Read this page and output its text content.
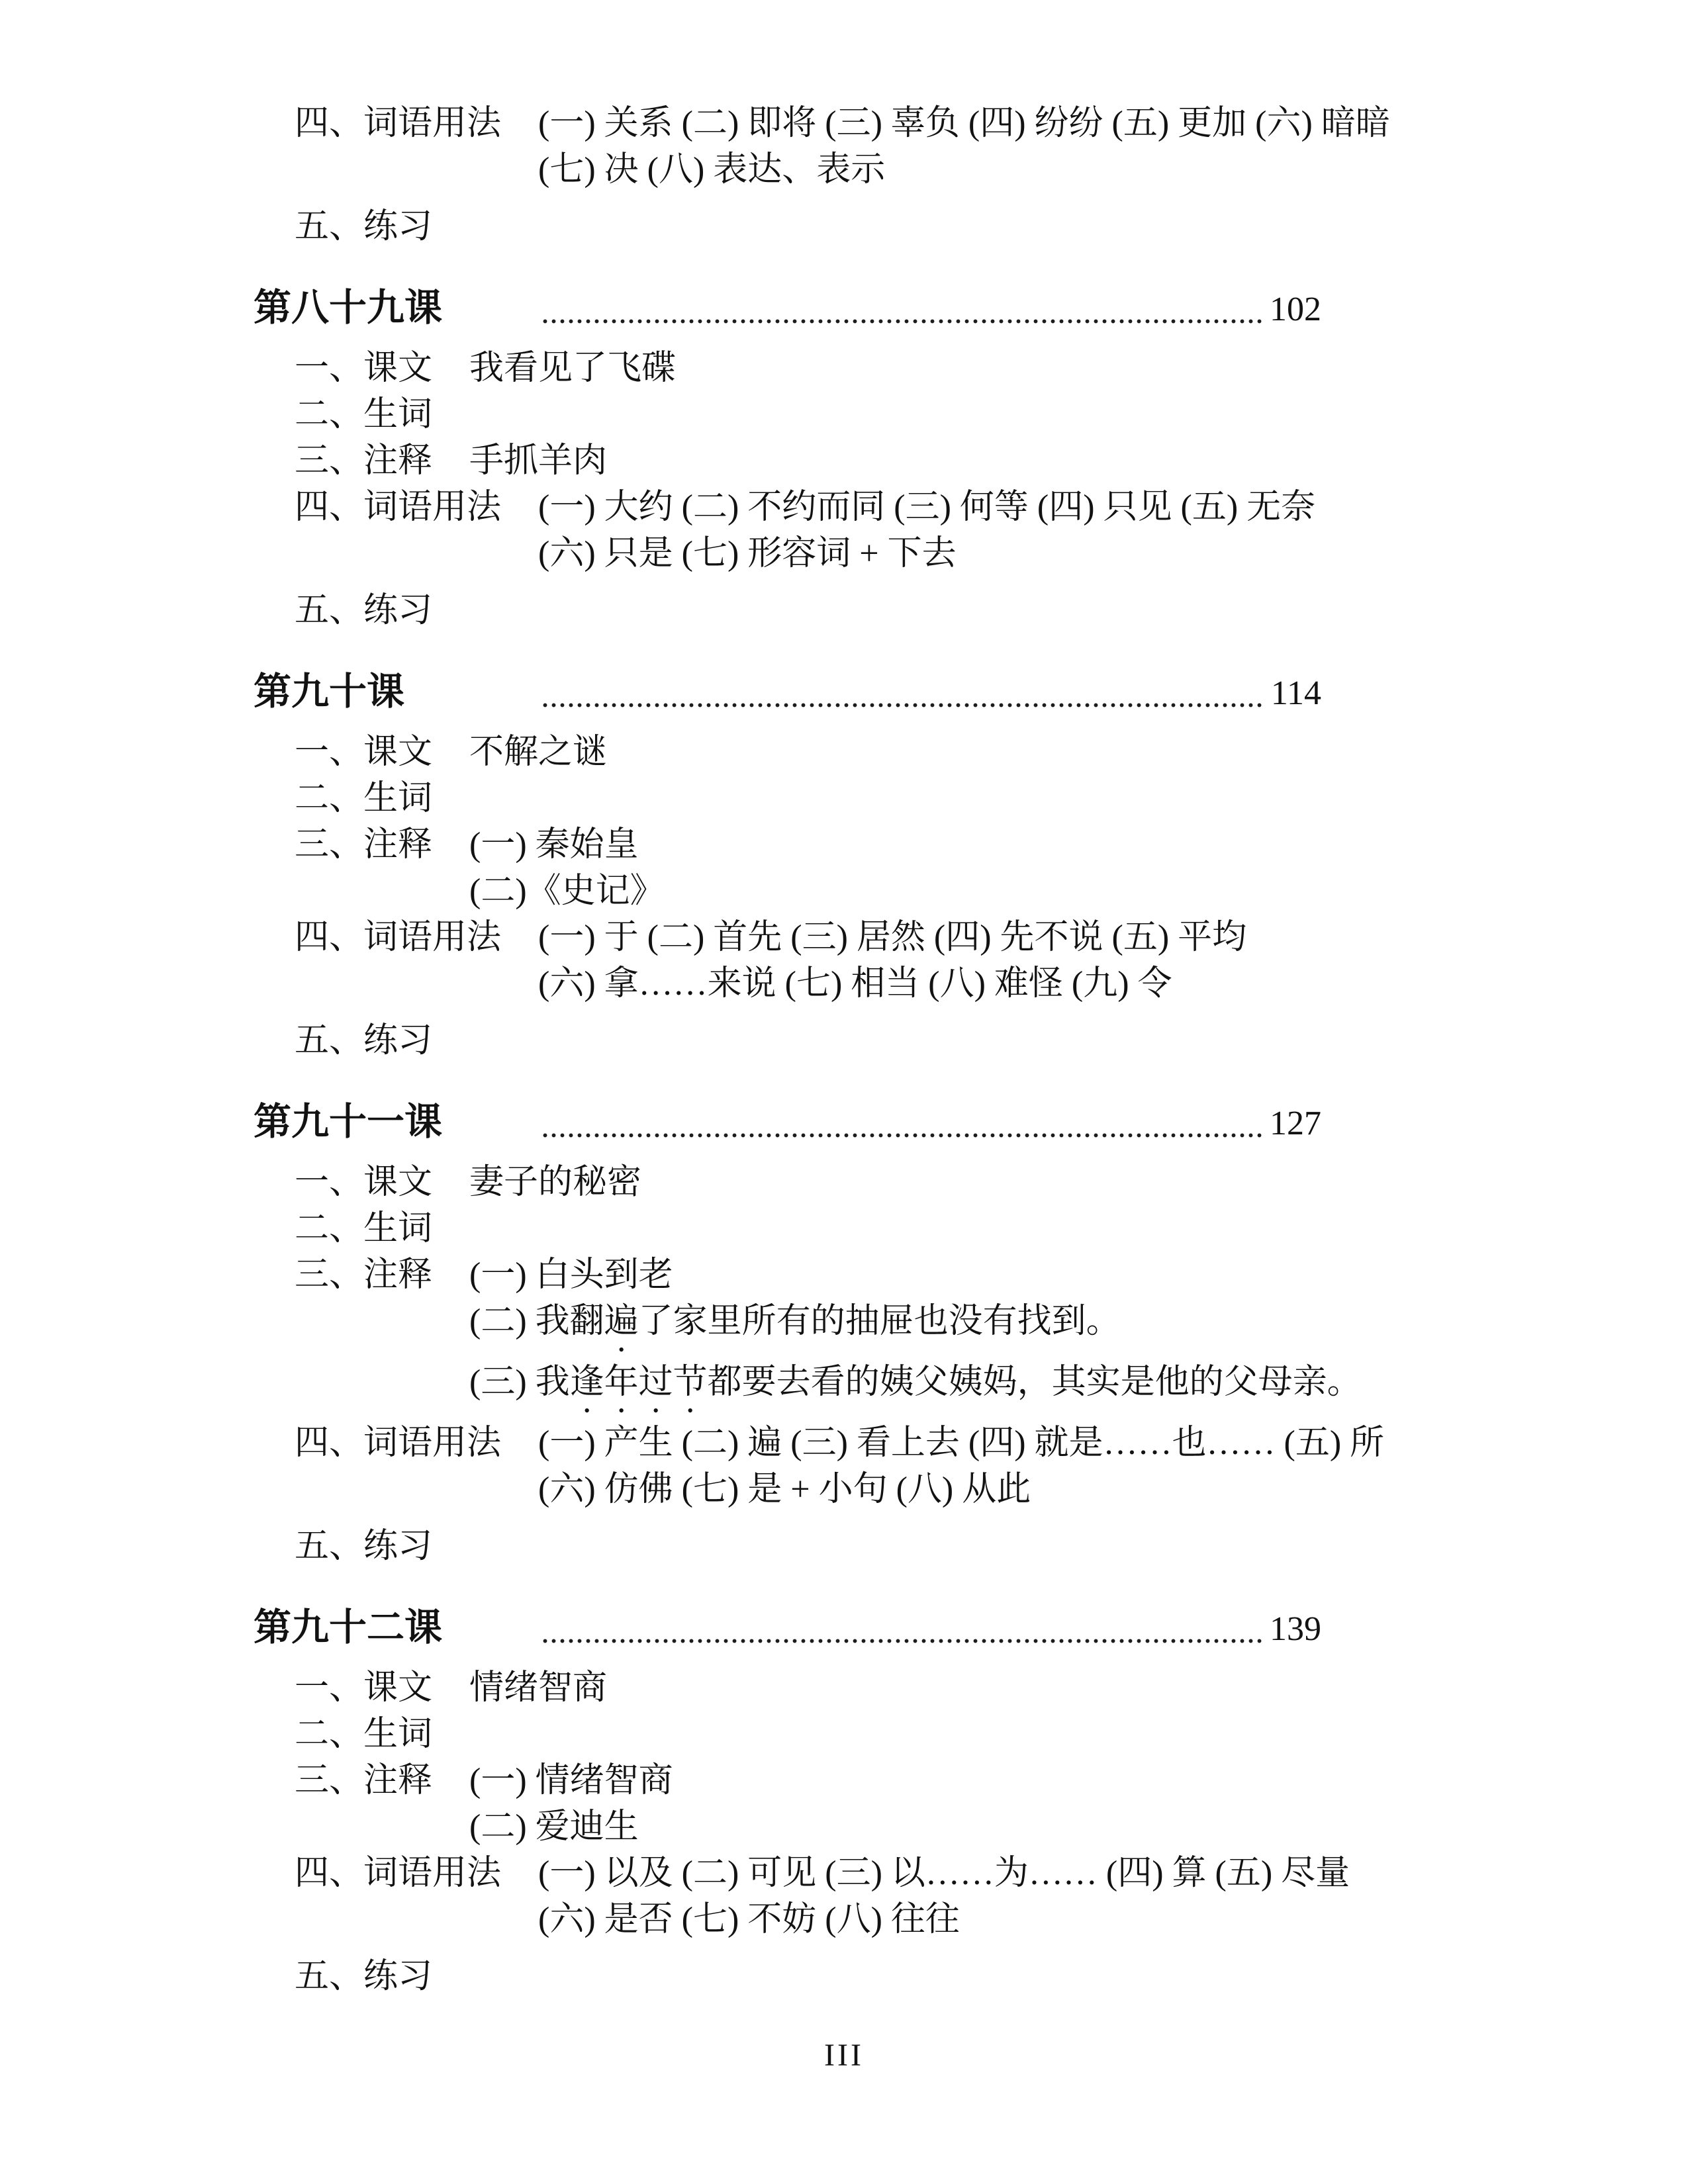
四、词语用法 (一) 关系 (二) 即将 (三) 辜负 (四) 纷纷 (五) 更加 (六) 暗暗
(七) 决 (八) 表达、表示
五、练习
第八十九课	102
一、课文 我看见了飞碟
二、生词
三、注释 手抓羊肉
四、词语用法 (一) 大约 (二) 不约而同 (三) 何等 (四) 只见 (五) 无奈
(六) 只是 (七) 形容词 + 下去
五、练习
第九十课	114
一、课文 不解之谜
二、生词
三、注释 (一) 秦始皇
(二)《史记》
四、词语用法 (一) 于 (二) 首先 (三) 居然 (四) 先不说 (五) 平均
(六) 拿……来说 (七) 相当 (八) 难怪 (九) 令
五、练习
第九十一课	127
一、课文 妻子的秘密
二、生词
三、注释 (一) 白头到老
(二) 我翻遍了家里所有的抽屉也没有找到。
(三) 我逢年过节都要去看的姨父姨妈，其实是他的父母亲。
四、词语用法 (一) 产生 (二) 遍 (三) 看上去 (四) 就是……也…… (五) 所
(六) 仿佛 (七) 是 + 小句 (八) 从此
五、练习
第九十二课	139
一、课文 情绪智商
二、生词
三、注释 (一) 情绪智商
(二) 爱迪生
四、词语用法 (一) 以及 (二) 可见 (三) 以……为…… (四) 算 (五) 尽量
(六) 是否 (七) 不妨 (八) 往往
五、练习
III
